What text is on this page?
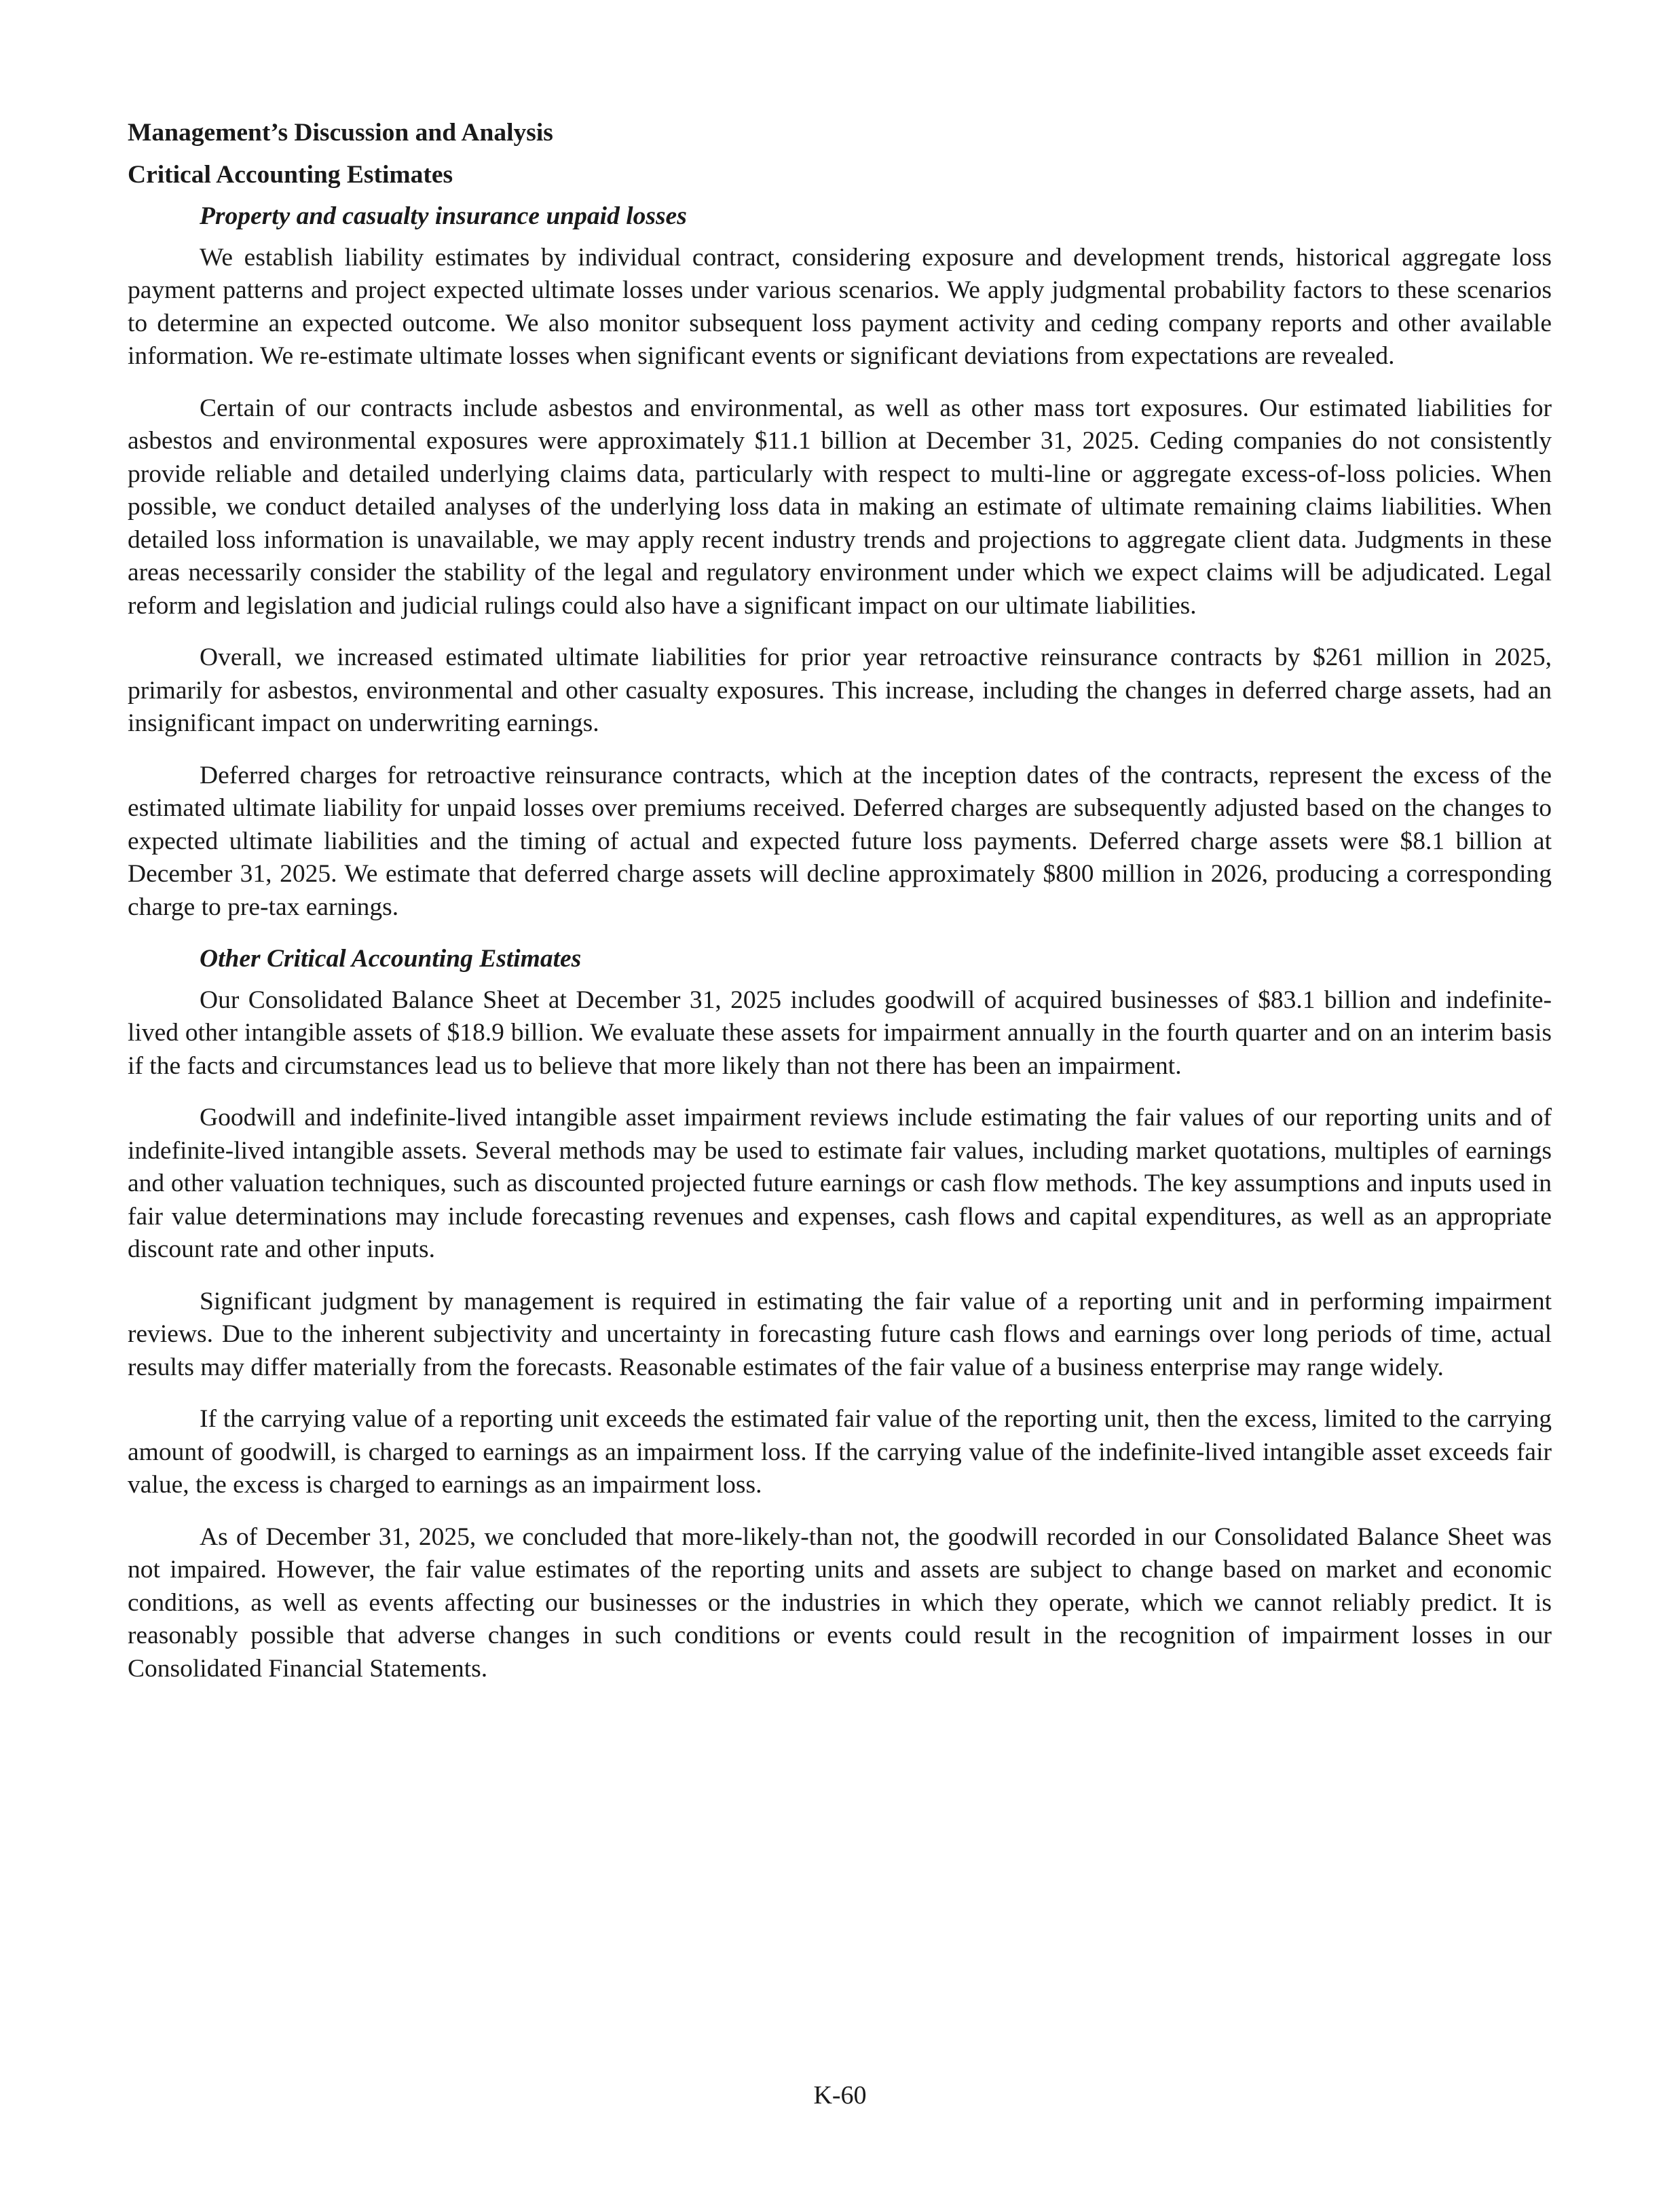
Management’s Discussion and Analysis
Critical Accounting Estimates
Property and casualty insurance unpaid losses

We establish liability estimates by individual contract, considering exposure and development trends, historical aggregate loss payment patterns and project expected ultimate losses under various scenarios. We apply judgmental probability factors to these scenarios to determine an expected outcome. We also monitor subsequent loss payment activity and ceding company reports and other available information. We re-estimate ultimate losses when significant events or significant deviations from expectations are revealed.

Certain of our contracts include asbestos and environmental, as well as other mass tort exposures. Our estimated liabilities for asbestos and environmental exposures were approximately $11.1 billion at December 31, 2025. Ceding companies do not consistently provide reliable and detailed underlying claims data, particularly with respect to multi-line or aggregate excess-of-loss policies. When possible, we conduct detailed analyses of the underlying loss data in making an estimate of ultimate remaining claims liabilities. When detailed loss information is unavailable, we may apply recent industry trends and projections to aggregate client data. Judgments in these areas necessarily consider the stability of the legal and regulatory environment under which we expect claims will be adjudicated. Legal reform and legislation and judicial rulings could also have a significant impact on our ultimate liabilities.

Overall, we increased estimated ultimate liabilities for prior year retroactive reinsurance contracts by $261 million in 2025, primarily for asbestos, environmental and other casualty exposures. This increase, including the changes in deferred charge assets, had an insignificant impact on underwriting earnings.

Deferred charges for retroactive reinsurance contracts, which at the inception dates of the contracts, represent the excess of the estimated ultimate liability for unpaid losses over premiums received. Deferred charges are subsequently adjusted based on the changes to expected ultimate liabilities and the timing of actual and expected future loss payments. Deferred charge assets were $8.1 billion at December 31, 2025. We estimate that deferred charge assets will decline approximately $800 million in 2026, producing a corresponding charge to pre-tax earnings.

Other Critical Accounting Estimates

Our Consolidated Balance Sheet at December 31, 2025 includes goodwill of acquired businesses of $83.1 billion and indefinite-lived other intangible assets of $18.9 billion. We evaluate these assets for impairment annually in the fourth quarter and on an interim basis if the facts and circumstances lead us to believe that more likely than not there has been an impairment.

Goodwill and indefinite-lived intangible asset impairment reviews include estimating the fair values of our reporting units and of indefinite-lived intangible assets. Several methods may be used to estimate fair values, including market quotations, multiples of earnings and other valuation techniques, such as discounted projected future earnings or cash flow methods. The key assumptions and inputs used in fair value determinations may include forecasting revenues and expenses, cash flows and capital expenditures, as well as an appropriate discount rate and other inputs.

Significant judgment by management is required in estimating the fair value of a reporting unit and in performing impairment reviews. Due to the inherent subjectivity and uncertainty in forecasting future cash flows and earnings over long periods of time, actual results may differ materially from the forecasts. Reasonable estimates of the fair value of a business enterprise may range widely.

If the carrying value of a reporting unit exceeds the estimated fair value of the reporting unit, then the excess, limited to the carrying amount of goodwill, is charged to earnings as an impairment loss. If the carrying value of the indefinite-lived intangible asset exceeds fair value, the excess is charged to earnings as an impairment loss.

As of December 31, 2025, we concluded that more-likely-than not, the goodwill recorded in our Consolidated Balance Sheet was not impaired. However, the fair value estimates of the reporting units and assets are subject to change based on market and economic conditions, as well as events affecting our businesses or the industries in which they operate, which we cannot reliably predict. It is reasonably possible that adverse changes in such conditions or events could result in the recognition of impairment losses in our Consolidated Financial Statements.

K-60
